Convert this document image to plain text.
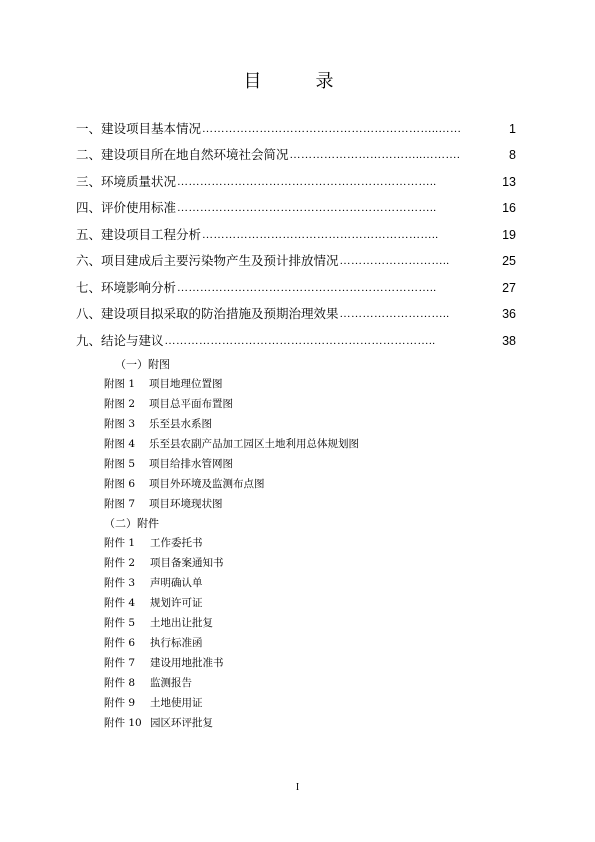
目　录
一、建设项目基本情况 ……………………………………………………..……	1
二、建设项目所在地自然环境社会简况 ……………………………..……….	8
三、环境质量状况 …………………………………………………………..	13
四、评价使用标准 …………………………………………………………..	16
五、建设项目工程分析 ……………………………………………………..	19
六、项目建成后主要污染物产生及预计排放情况 ………………………..	25
七、环境影响分析 …………………………………………………………..	27
八、建设项目拟采取的防治措施及预期治理效果 ………………………..	36
九、结论与建议 ……………………………………………………………..	38
（一）附图
附图 1	项目地理位置图
附图 2	项目总平面布置图
附图 3	乐至县水系图
附图 4	乐至县农副产品加工园区土地利用总体规划图
附图 5	项目给排水管网图
附图 6	项目外环境及监测布点图
附图 7	项目环境现状图
（二）附件
附件 1	工作委托书
附件 2	项目备案通知书
附件 3	声明确认单
附件 4	规划许可证
附件 5	土地出让批复
附件 6	执行标准函
附件 7	建设用地批准书
附件 8	监测报告
附件 9	土地使用证
附件 10 园区环评批复
I
